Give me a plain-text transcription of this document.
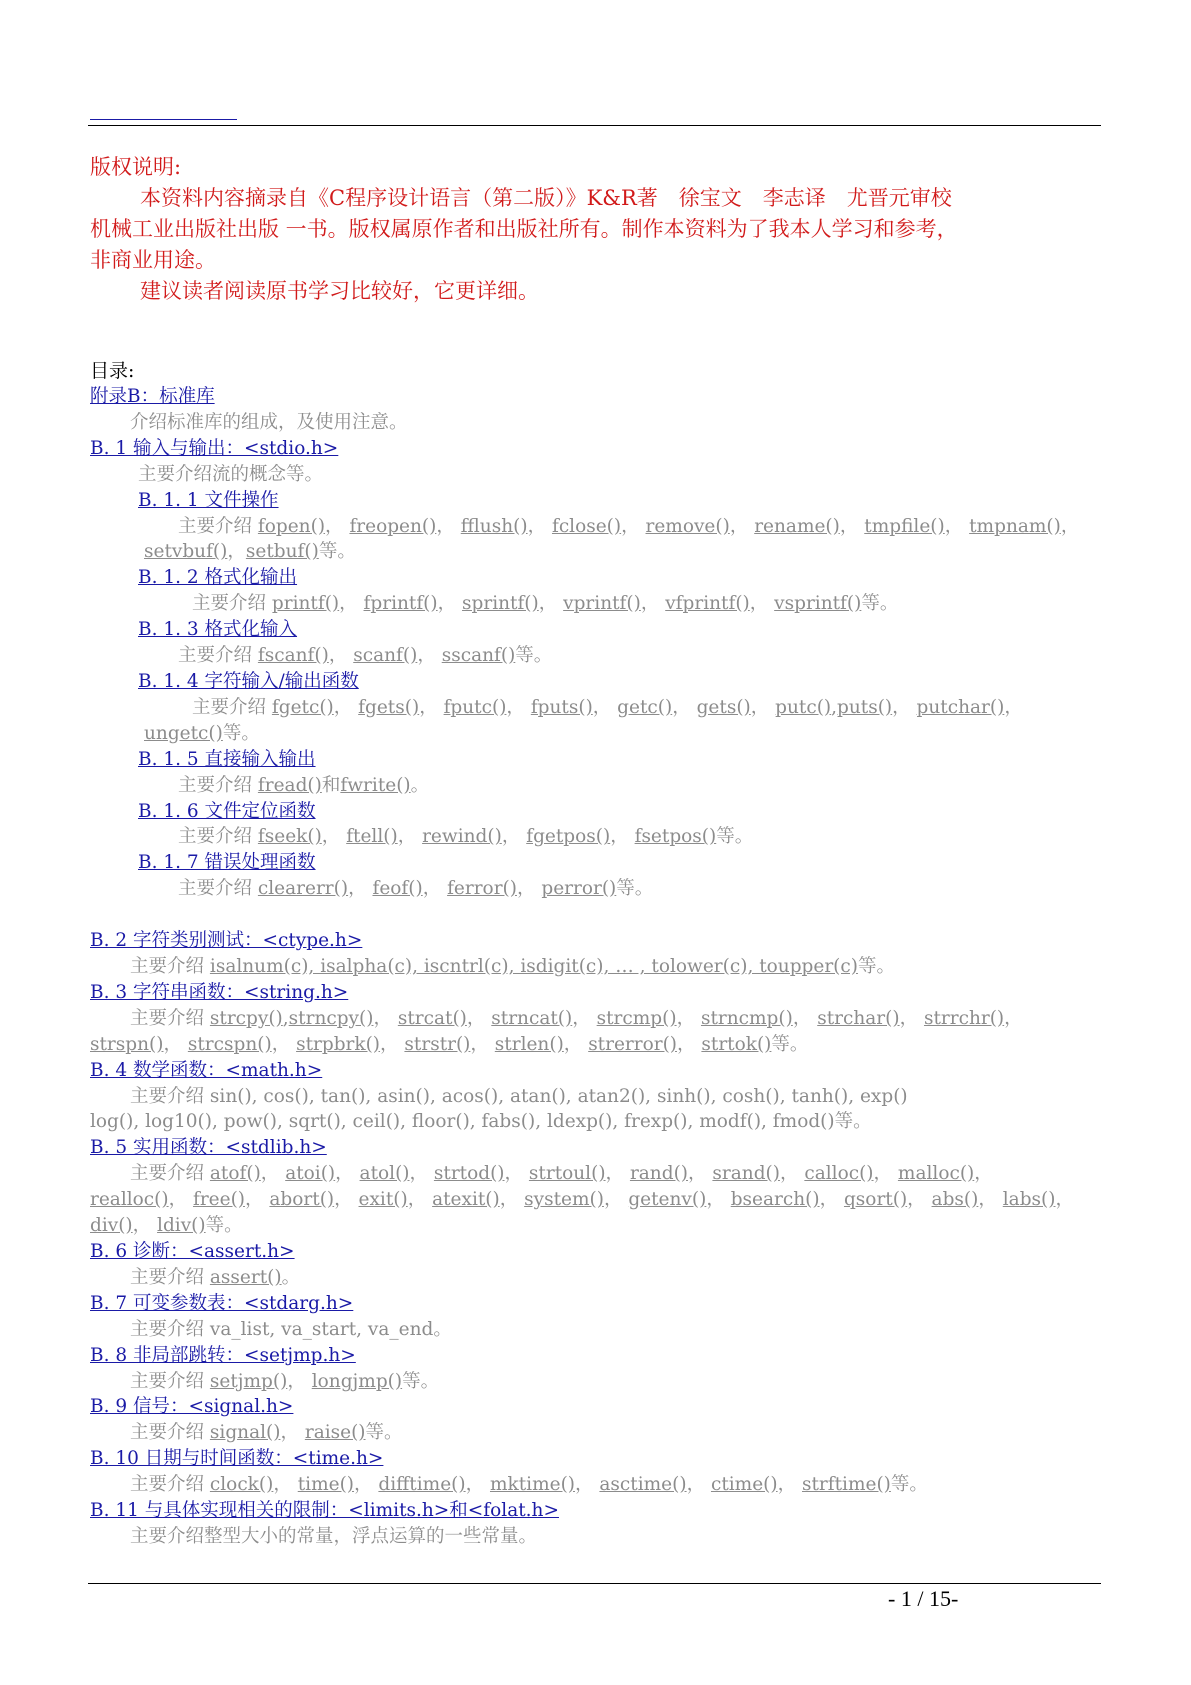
版权说明:

本资料内容摘录自《C程序设计语言（第二版）》K&R著　徐宝文　李志译　尤晋元审校

机械工业出版社出版 一书。版权属原作者和出版社所有。制作本资料为了我本人学习和参考，

非商业用途。

建议读者阅读原书学习比较好，它更详细。

目录:
附录B：标准库
介绍标准库的组成，及使用注意。
B. 1 输入与输出：<stdio.h>
主要介绍流的概念等。
B. 1. 1 文件操作
主要介绍 fopen()， freopen()， fflush()， fclose()， remove()， rename()， tmpfile()， tmpnam()，
setvbuf()，setbuf()等。
B. 1. 2 格式化输出
主要介绍 printf()， fprintf()， sprintf()， vprintf()， vfprintf()， vsprintf()等。
B. 1. 3 格式化输入
主要介绍 fscanf()， scanf()， sscanf()等。
B. 1. 4 字符输入/输出函数
主要介绍 fgetc()， fgets()， fputc()， fputs()， getc()， gets()， putc(),puts()， putchar()，
ungetc()等。
B. 1. 5 直接输入输出
主要介绍 fread()和fwrite()。
B. 1. 6 文件定位函数
主要介绍 fseek()， ftell()， rewind()， fgetpos()， fsetpos()等。
B. 1. 7 错误处理函数
主要介绍 clearerr()， feof()， ferror()， perror()等。
B. 2 字符类别测试：<ctype.h>
主要介绍 isalnum(c), isalpha(c), iscntrl(c), isdigit(c), … , tolower(c), toupper(c)等。
B. 3 字符串函数：<string.h>
主要介绍 strcpy(),strncpy()， strcat()， strncat()， strcmp()， strncmp()， strchar()， strrchr()，
strspn()， strcspn()， strpbrk()， strstr()， strlen()， strerror()， strtok()等。
B. 4 数学函数：<math.h>
主要介绍 sin(), cos(), tan(), asin(), acos(), atan(), atan2(), sinh(), cosh(), tanh(), exp()
log(), log10(), pow(), sqrt(), ceil(), floor(), fabs(), ldexp(), frexp(), modf(), fmod()等。
B. 5 实用函数：<stdlib.h>
主要介绍 atof()， atoi()， atol()， strtod()， strtoul()， rand()， srand()， calloc()， malloc()，
realloc()， free()， abort()， exit()， atexit()， system()， getenv()， bsearch()， qsort()， abs()， labs()，
div()， ldiv()等。
B. 6 诊断：<assert.h>
主要介绍 assert()。
B. 7 可变参数表：<stdarg.h>
主要介绍 va_list, va_start, va_end。
B. 8 非局部跳转：<setjmp.h>
主要介绍 setjmp()， longjmp()等。
B. 9 信号：<signal.h>
主要介绍 signal()， raise()等。
B. 10 日期与时间函数：<time.h>
主要介绍 clock()， time()， difftime()， mktime()， asctime()， ctime()， strftime()等。
B. 11 与具体实现相关的限制：<limits.h>和<folat.h>
主要介绍整型大小的常量，浮点运算的一些常量。
- 1 / 15-
